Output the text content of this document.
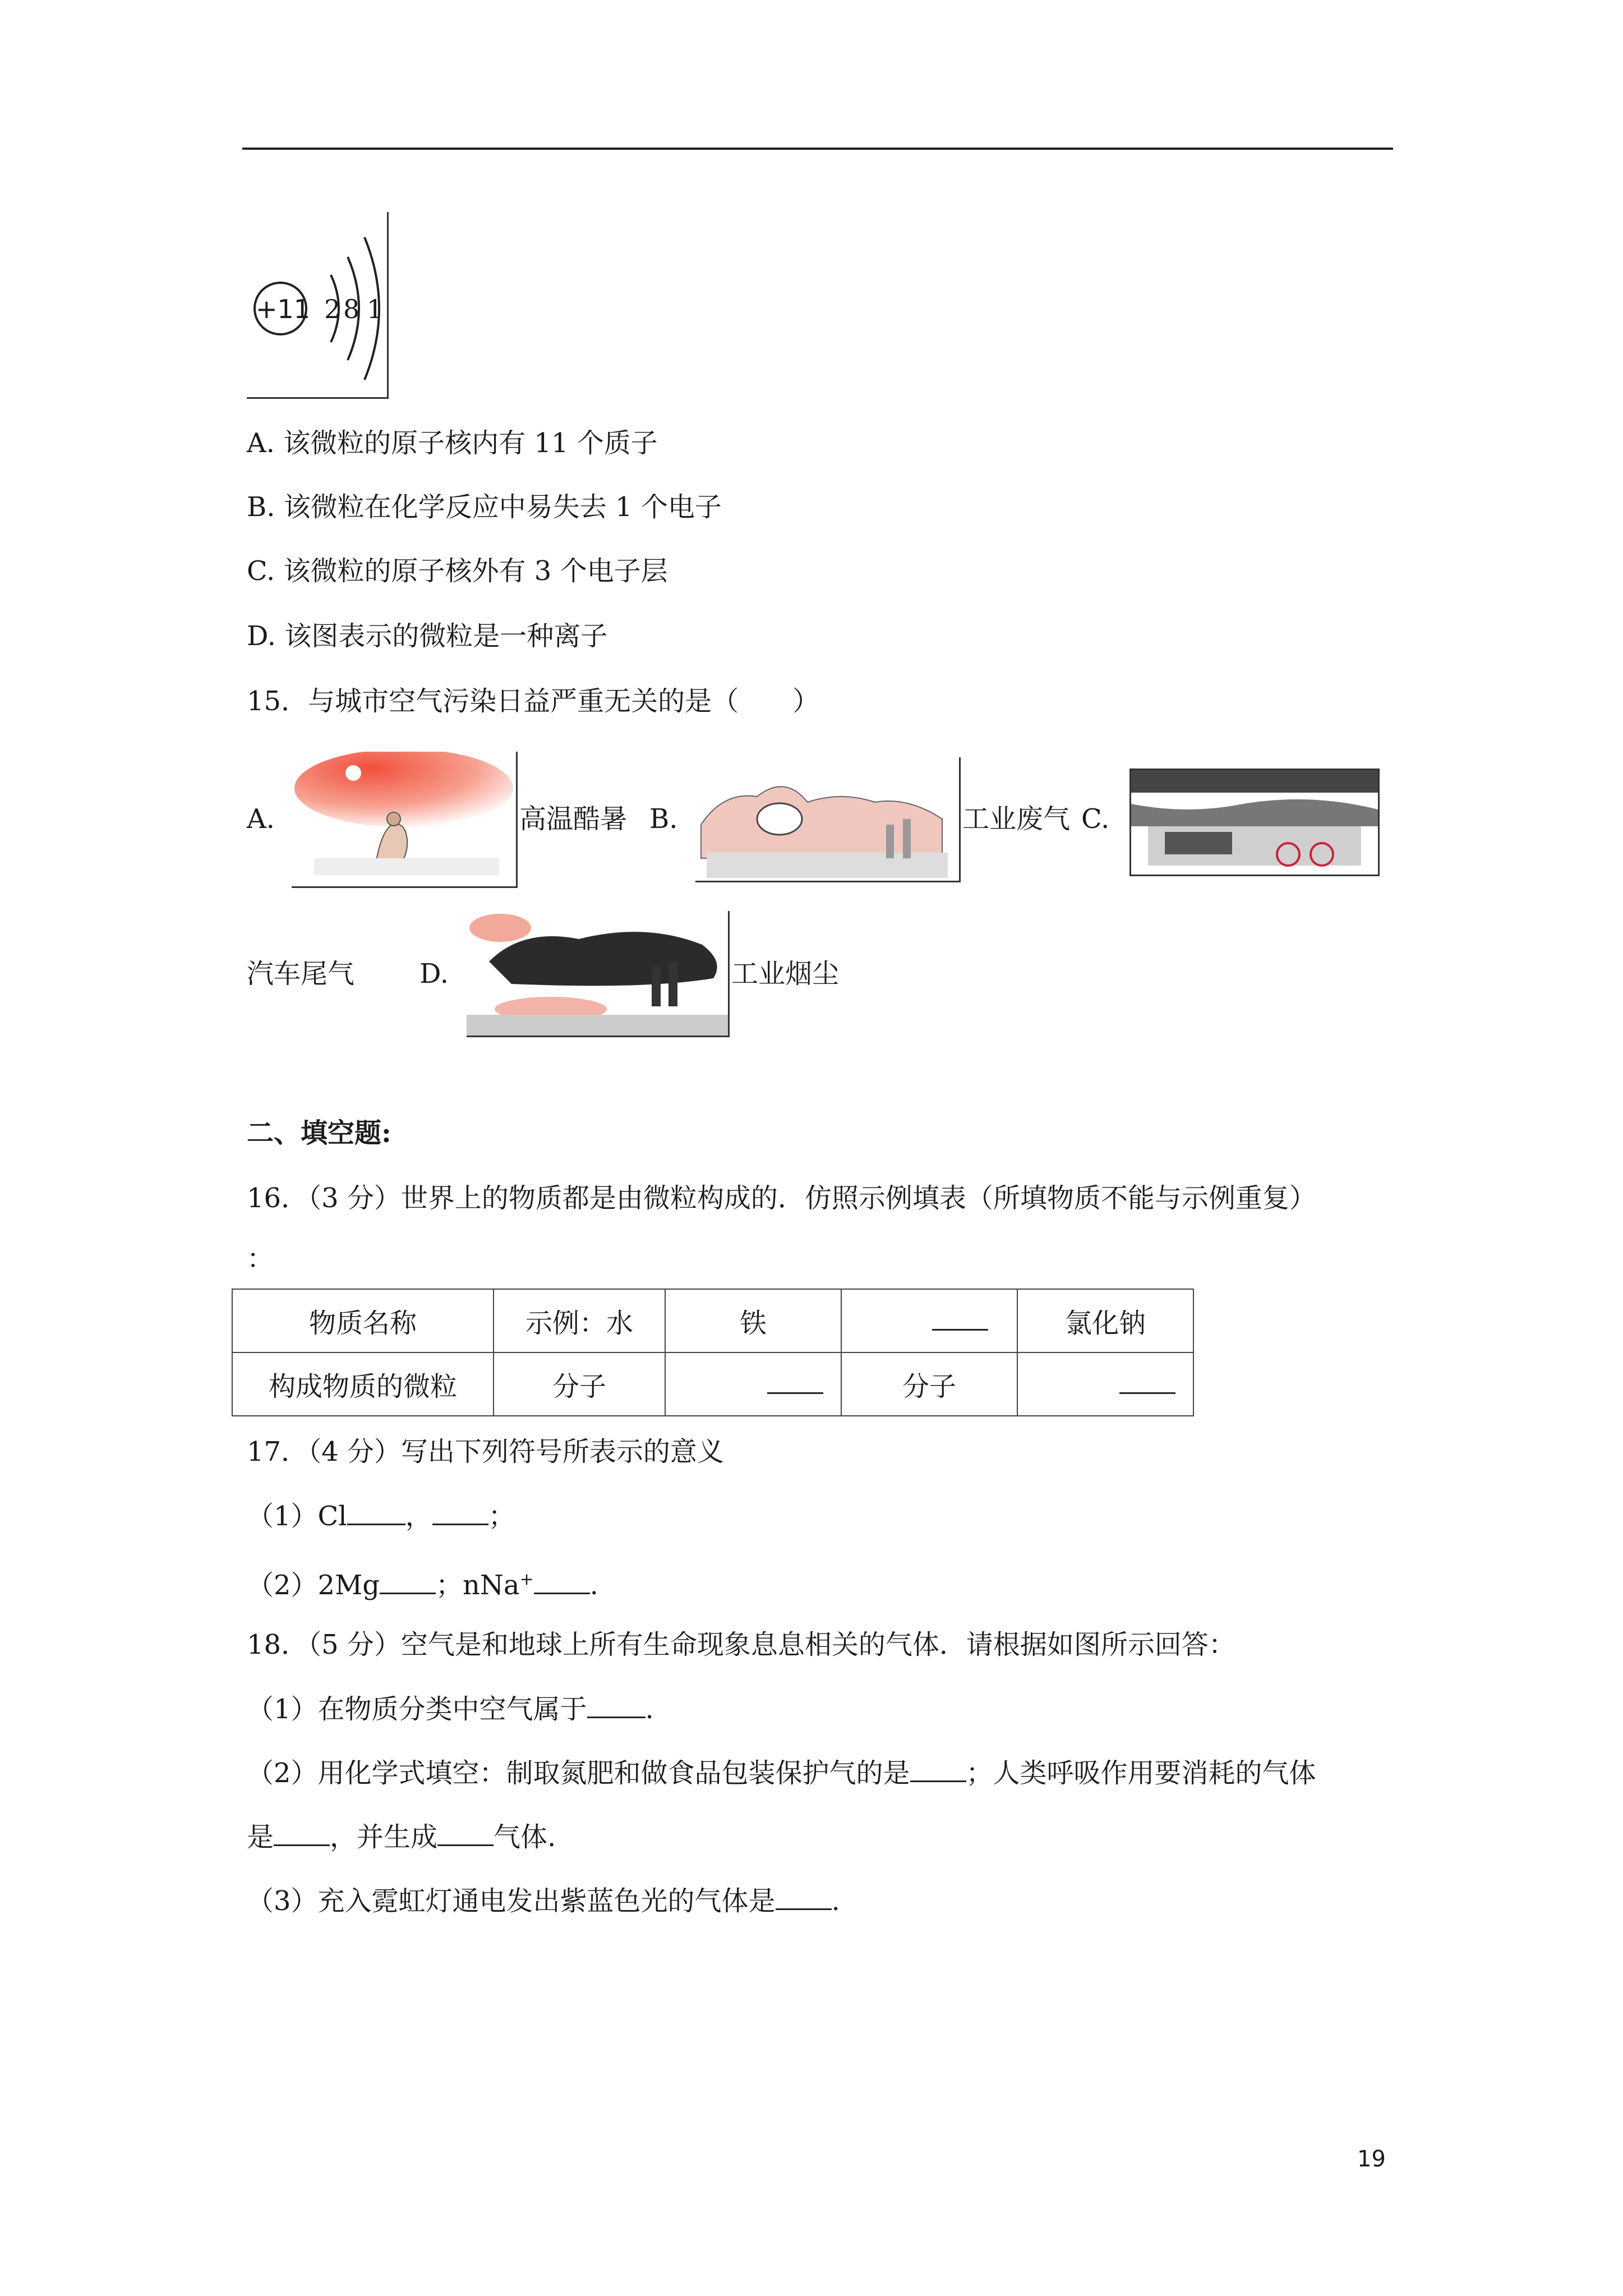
+11 2 8 1
A. 该微粒的原子核内有 11 个质子
B. 该微粒在化学反应中易失去 1 个电子
C. 该微粒的原子核外有 3 个电子层
D. 该图表示的微粒是一种离子
15．与城市空气污染日益严重无关的是（　　）
A.	高温酷暑 B.	工业废气 C.
汽车尾气 D.	工业烟尘
二、填空题:
16．（3 分）世界上的物质都是由微粒构成的．仿照示例填表（所填物质不能与示例重复）
：
物质名称	示例：水	铁		氯化钠
构成物质的微粒	分子		分子	
17．（4 分）写出下列符号所表示的意义
（1）Cl ， ；
（2）2Mg ；nNa+ .
18．（5 分）空气是和地球上所有生命现象息息相关的气体．请根据如图所示回答：
（1）在物质分类中空气属于 .
（2）用化学式填空：制取氮肥和做食品包装保护气的是 ；人类呼吸作用要消耗的气体
是 ，并生成 气体.
（3）充入霓虹灯通电发出紫蓝色光的气体是 .
19
